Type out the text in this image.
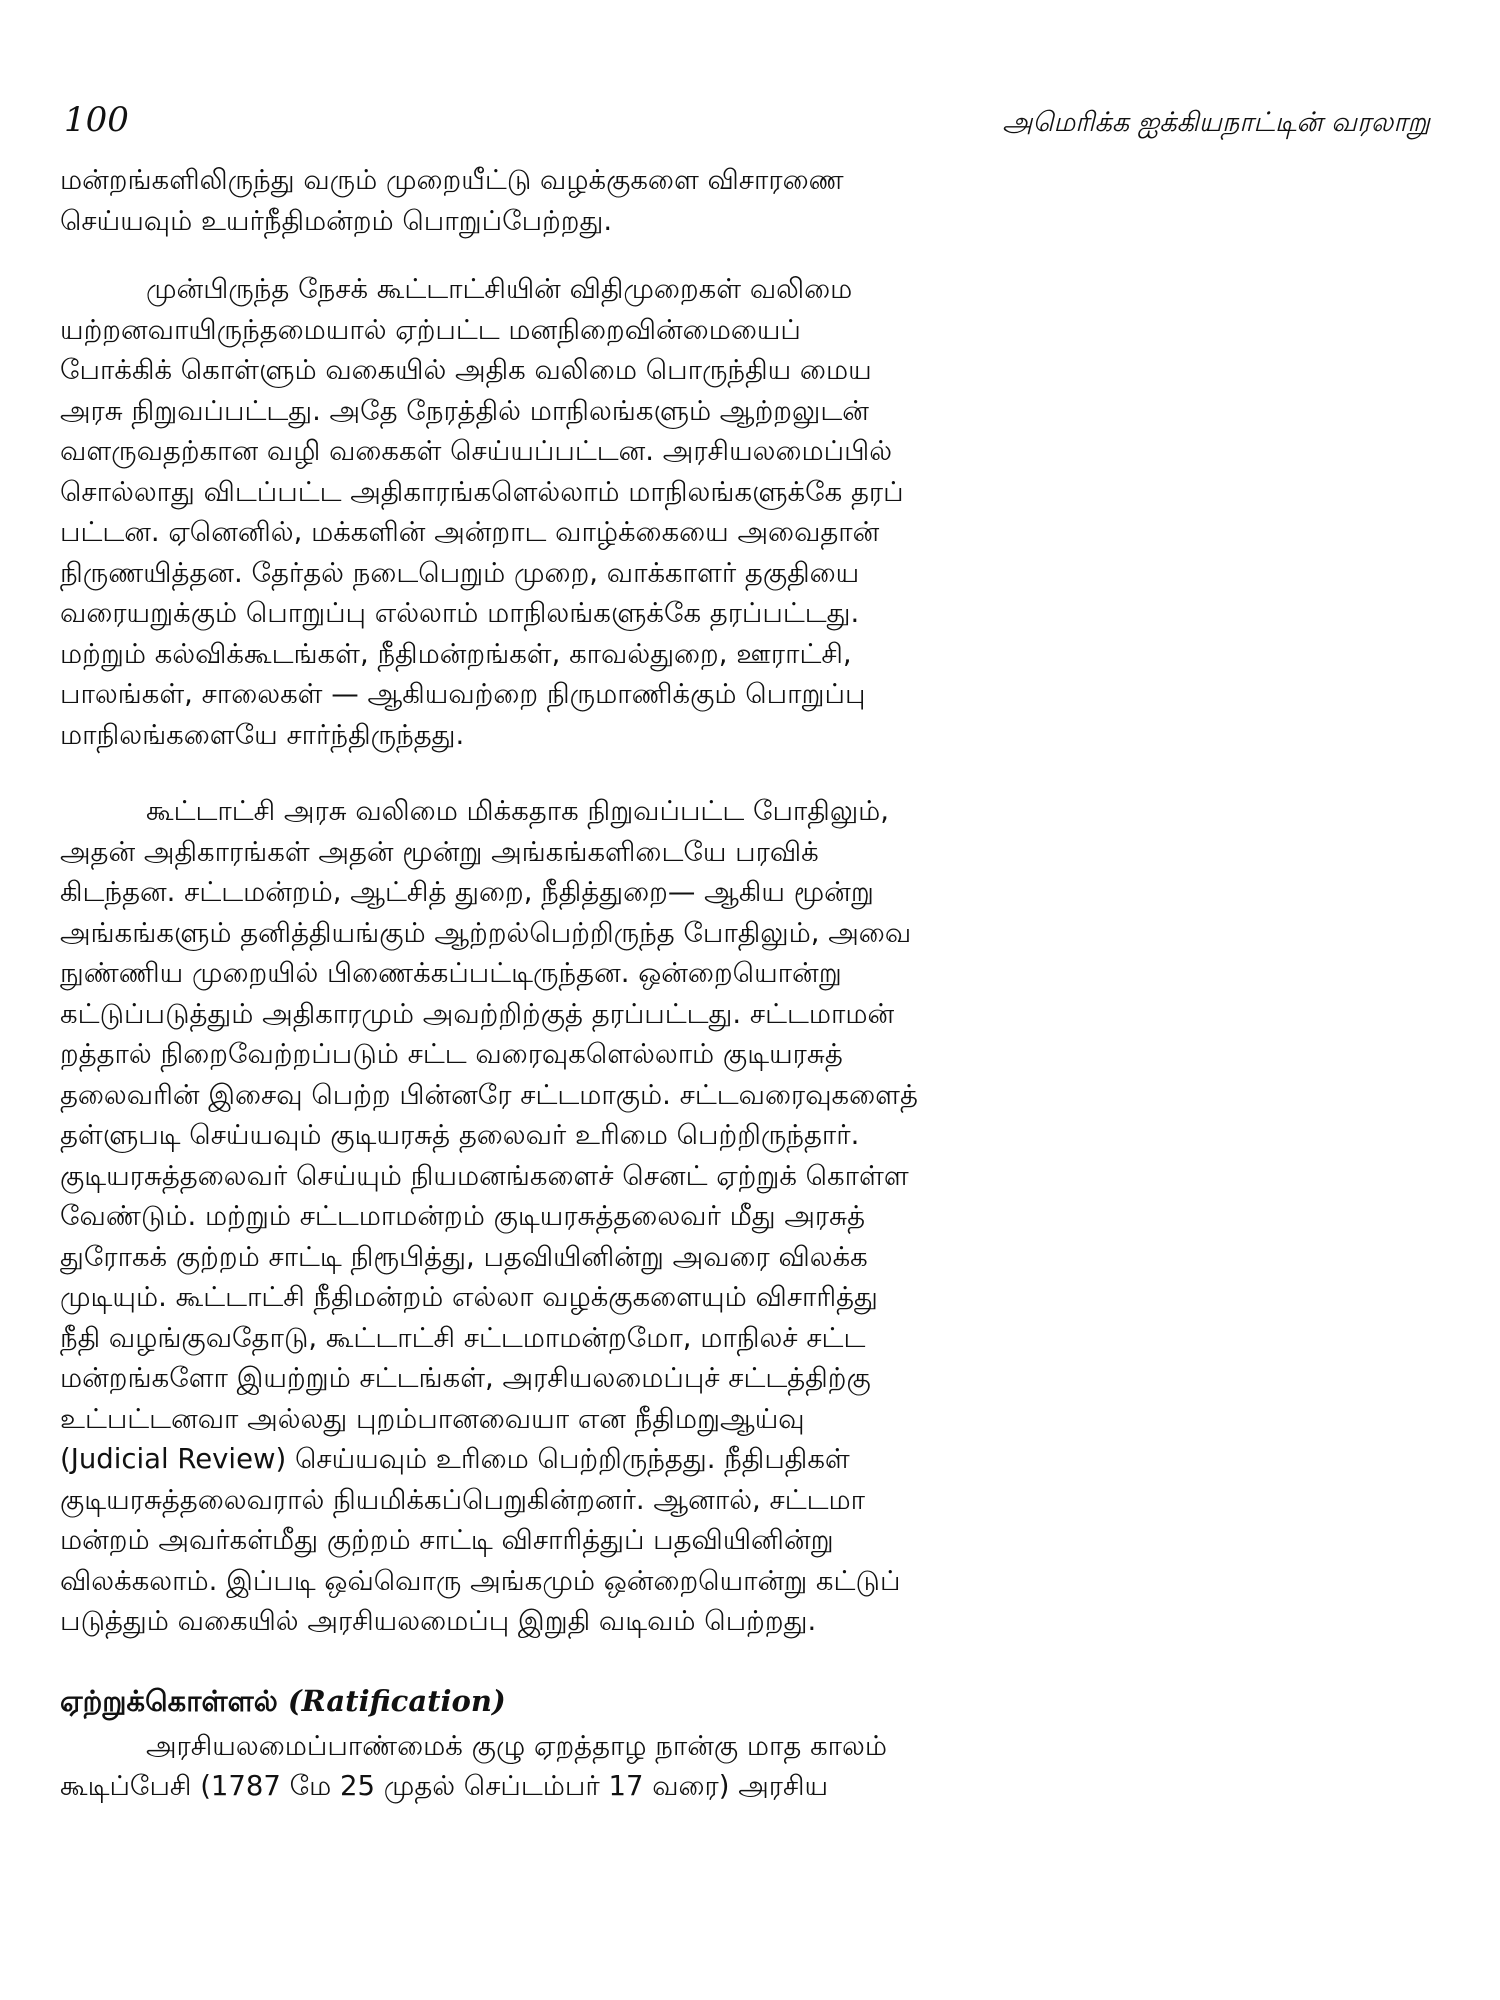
100	அமெரிக்க ஐக்கியநாட்டின் வரலாறு

மன்றங்களிலிருந்து வரும் முறையீட்டு வழக்குகளை விசாரணை
செய்யவும் உயர்நீதிமன்றம் பொறுப்பேற்றது.

முன்பிருந்த நேசக் கூட்டாட்சியின் விதிமுறைகள் வலிமை
யற்றனவாயிருந்தமையால் ஏற்பட்ட மனநிறைவின்மையைப்
போக்கிக் கொள்ளும் வகையில் அதிக வலிமை பொருந்திய மைய
அரசு நிறுவப்பட்டது. அதே நேரத்தில் மாநிலங்களும் ஆற்றலுடன்
வளருவதற்கான வழி வகைகள் செய்யப்பட்டன. அரசியலமைப்பில்
சொல்லாது விடப்பட்ட அதிகாரங்களெல்லாம் மாநிலங்களுக்கே தரப்
பட்டன. ஏனெனில், மக்களின் அன்றாட வாழ்க்கையை அவைதான்
நிருணயித்தன. தேர்தல் நடைபெறும் முறை, வாக்காளர் தகுதியை
வரையறுக்கும் பொறுப்பு எல்லாம் மாநிலங்களுக்கே தரப்பட்டது.
மற்றும் கல்விக்கூடங்கள், நீதிமன்றங்கள், காவல்துறை, ஊராட்சி,
பாலங்கள், சாலைகள் — ஆகியவற்றை நிருமாணிக்கும் பொறுப்பு
மாநிலங்களையே சார்ந்திருந்தது.

கூட்டாட்சி அரசு வலிமை மிக்கதாக நிறுவப்பட்ட போதிலும்,
அதன் அதிகாரங்கள் அதன் மூன்று அங்கங்களிடையே பரவிக்
கிடந்தன. சட்டமன்றம், ஆட்சித் துறை, நீதித்துறை— ஆகிய மூன்று
அங்கங்களும் தனித்தியங்கும் ஆற்றல்பெற்றிருந்த போதிலும், அவை
நுண்ணிய முறையில் பிணைக்கப்பட்டிருந்தன. ஒன்றையொன்று
கட்டுப்படுத்தும் அதிகாரமும் அவற்றிற்குத் தரப்பட்டது. சட்டமாமன்
றத்தால் நிறைவேற்றப்படும் சட்ட வரைவுகளெல்லாம் குடியரசுத்
தலைவரின் இசைவு பெற்ற பின்னரே சட்டமாகும். சட்டவரைவுகளைத்
தள்ளுபடி செய்யவும் குடியரசுத் தலைவர் உரிமை பெற்றிருந்தார்.
குடியரசுத்தலைவர் செய்யும் நியமனங்களைச் செனட் ஏற்றுக் கொள்ள
வேண்டும். மற்றும் சட்டமாமன்றம் குடியரசுத்தலைவர் மீது அரசுத்
துரோகக் குற்றம் சாட்டி நிரூபித்து, பதவியினின்று அவரை விலக்க
முடியும். கூட்டாட்சி நீதிமன்றம் எல்லா வழக்குகளையும் விசாரித்து
நீதி வழங்குவதோடு, கூட்டாட்சி சட்டமாமன்றமோ, மாநிலச் சட்ட
மன்றங்களோ இயற்றும் சட்டங்கள், அரசியலமைப்புச் சட்டத்திற்கு
உட்பட்டனவா அல்லது புறம்பானவையா என நீதிமறுஆய்வு
(Judicial Review) செய்யவும் உரிமை பெற்றிருந்தது. நீதிபதிகள்
குடியரசுத்தலைவரால் நியமிக்கப்பெறுகின்றனர். ஆனால், சட்டமா
மன்றம் அவர்கள்மீது குற்றம் சாட்டி விசாரித்துப் பதவியினின்று
விலக்கலாம். இப்படி ஒவ்வொரு அங்கமும் ஒன்றையொன்று கட்டுப்
படுத்தும் வகையில் அரசியலமைப்பு இறுதி வடிவம் பெற்றது.

ஏற்றுக்கொள்ளல் (Ratification)

அரசியலமைப்பாண்மைக் குழு ஏறத்தாழ நான்கு மாத காலம்
கூடிப்பேசி (1787 மே 25 முதல் செப்டம்பர் 17 வரை) அரசிய
